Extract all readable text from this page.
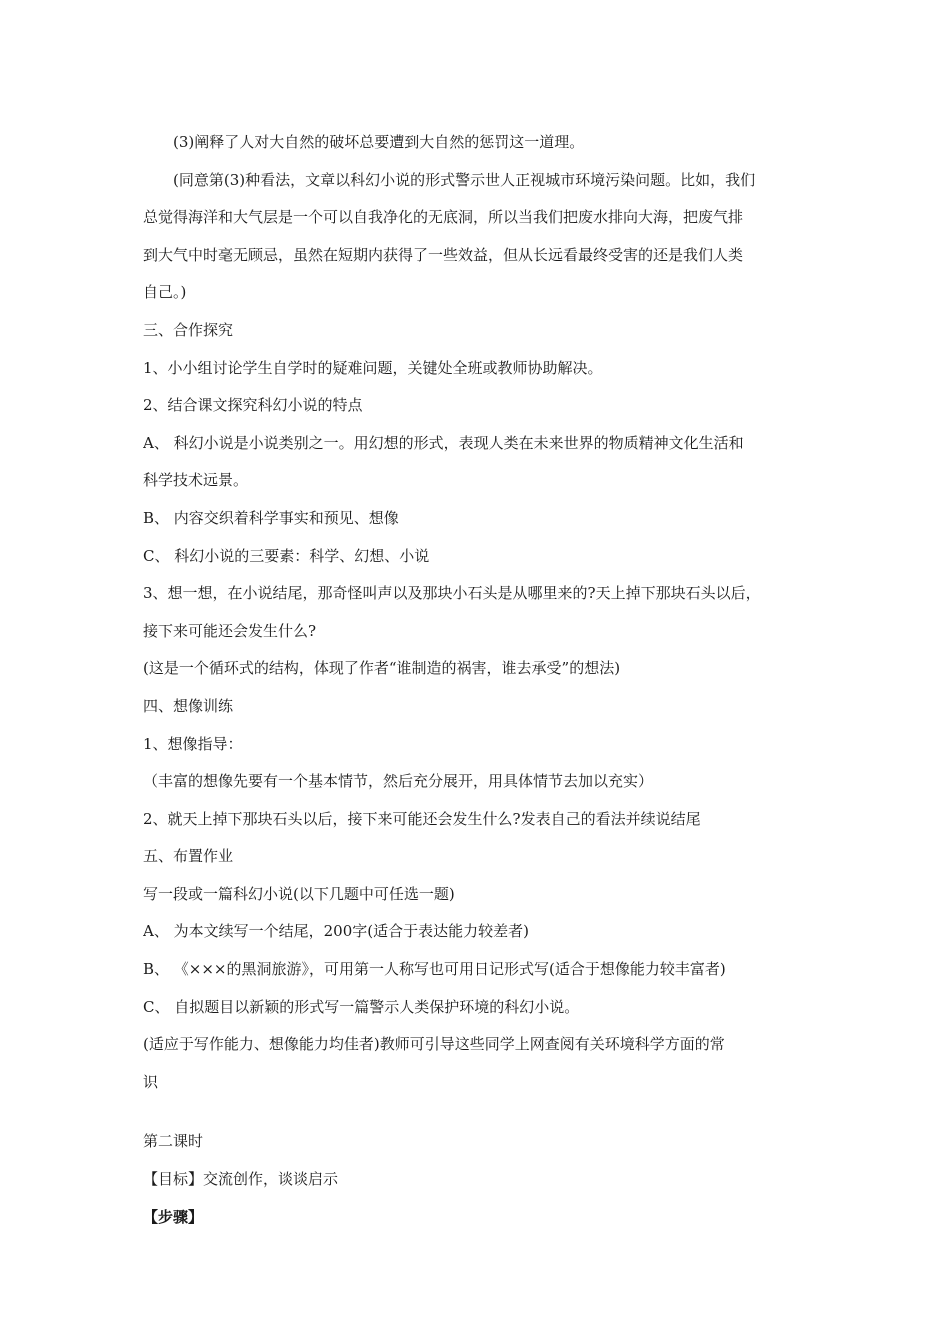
(3)阐释了人对大自然的破坏总要遭到大自然的惩罚这一道理。
(同意第(3)种看法，文章以科幻小说的形式警示世人正视城市环境污染问题。比如，我们
总觉得海洋和大气层是一个可以自我净化的无底洞，所以当我们把废水排向大海，把废气排
到大气中时毫无顾忌，虽然在短期内获得了一些效益，但从长远看最终受害的还是我们人类
自己。)
三、合作探究
1、小小组讨论学生自学时的疑难问题，关键处全班或教师协助解决。
2、结合课文探究科幻小说的特点
A、 科幻小说是小说类别之一。用幻想的形式，表现人类在未来世界的物质精神文化生活和
科学技术远景。
B、 内容交织着科学事实和预见、想像
C、 科幻小说的三要素：科学、幻想、小说
3、想一想，在小说结尾，那奇怪叫声以及那块小石头是从哪里来的?天上掉下那块石头以后，
接下来可能还会发生什么?
(这是一个循环式的结构，体现了作者“谁制造的祸害，谁去承受”的想法)
四、想像训练
1、想像指导：
（丰富的想像先要有一个基本情节，然后充分展开，用具体情节去加以充实）
2、就天上掉下那块石头以后，接下来可能还会发生什么?发表自己的看法并续说结尾
五、布置作业
写一段或一篇科幻小说(以下几题中可任选一题)
A、 为本文续写一个结尾，200字(适合于表达能力较差者)
B、 《×××的黑洞旅游》，可用第一人称写也可用日记形式写(适合于想像能力较丰富者)
C、 自拟题目以新颖的形式写一篇警示人类保护环境的科幻小说。
(适应于写作能力、想像能力均佳者)教师可引导这些同学上网查阅有关环境科学方面的常
识
第二课时
【目标】交流创作，谈谈启示
【步骤】
